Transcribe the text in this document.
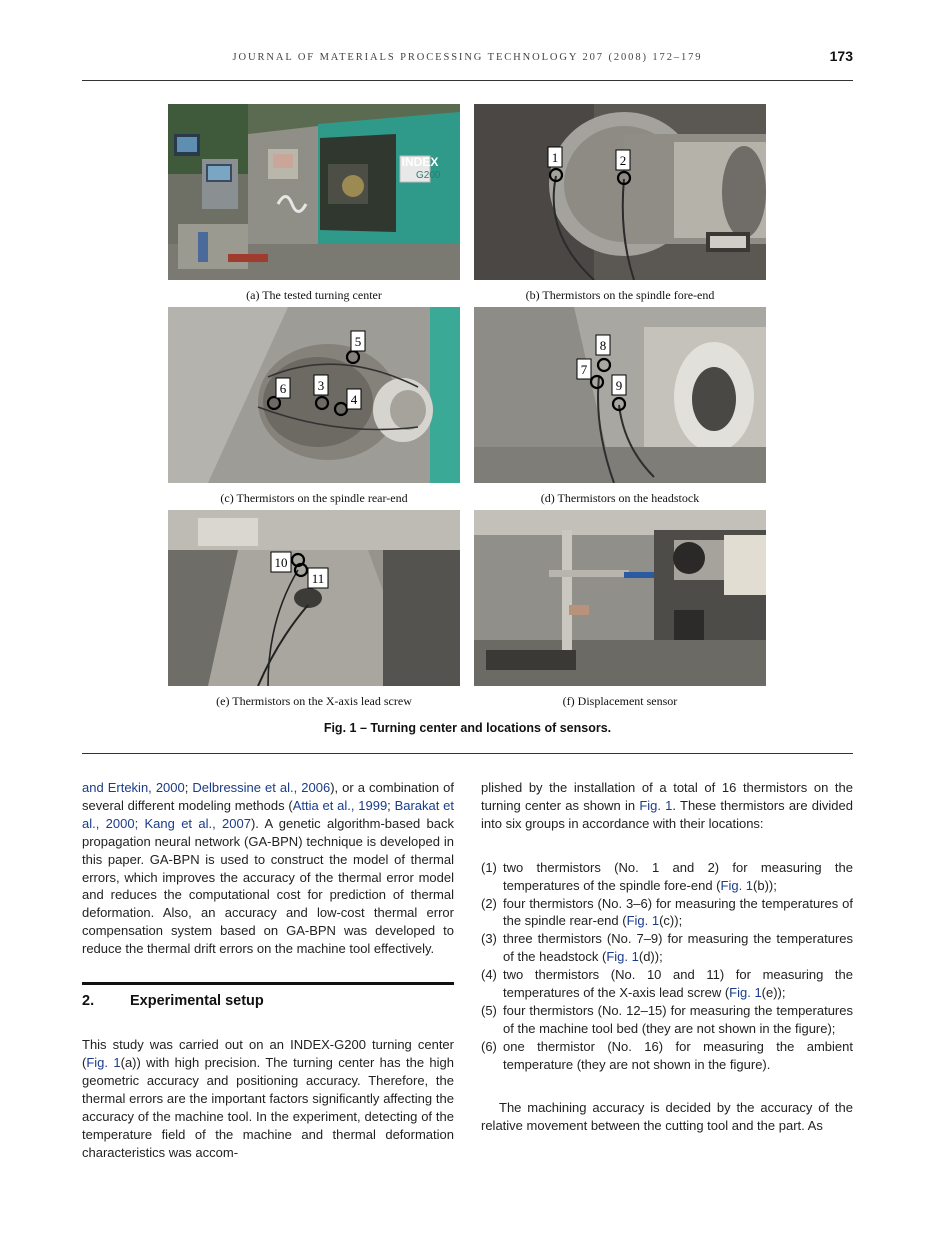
JOURNAL OF MATERIALS PROCESSING TECHNOLOGY 207 (2008) 172–179	173
INDEX
G200
(a) The tested turning center
1	2
(b) Thermistors on the spindle fore-end
5
6 3
4
(c) Thermistors on the spindle rear-end
8
7
9
(d) Thermistors on the headstock
10
11
(e) Thermistors on the X-axis lead screw	(f) Displacement sensor
Fig. 1 – Turning center and locations of sensors.

and Ertekin, 2000; Delbressine et al., 2006), or a combination of several different modeling methods (Attia et al., 1999; Barakat et al., 2000; Kang et al., 2007). A genetic algorithm-based back propagation neural network (GA-BPN) technique is developed in this paper. GA-BPN is used to construct the model of thermal errors, which improves the accuracy of the thermal error model and reduces the computational cost for prediction of thermal deformation. Also, an accuracy and low-cost thermal error compensation system based on GA-BPN was developed to reduce the thermal drift errors on the machine tool effectively.

2. Experimental setup

This study was carried out on an INDEX-G200 turning center (Fig. 1(a)) with high precision. The turning center has the high geometric accuracy and positioning accuracy. Therefore, the thermal errors are the important factors significantly affecting the accuracy of the machine tool. In the experiment, detecting of the temperature field of the machine and thermal deformation characteristics was accom-

plished by the installation of a total of 16 thermistors on the turning center as shown in Fig. 1. These thermistors are divided into six groups in accordance with their locations:

(1) two thermistors (No. 1 and 2) for measuring the temperatures of the spindle fore-end (Fig. 1(b));
(2) four thermistors (No. 3–6) for measuring the temperatures of the spindle rear-end (Fig. 1(c));
(3) three thermistors (No. 7–9) for measuring the temperatures of the headstock (Fig. 1(d));
(4) two thermistors (No. 10 and 11) for measuring the temperatures of the X-axis lead screw (Fig. 1(e));
(5) four thermistors (No. 12–15) for measuring the temperatures of the machine tool bed (they are not shown in the figure);
(6) one thermistor (No. 16) for measuring the ambient temperature (they are not shown in the figure).

The machining accuracy is decided by the accuracy of the relative movement between the cutting tool and the part. As
